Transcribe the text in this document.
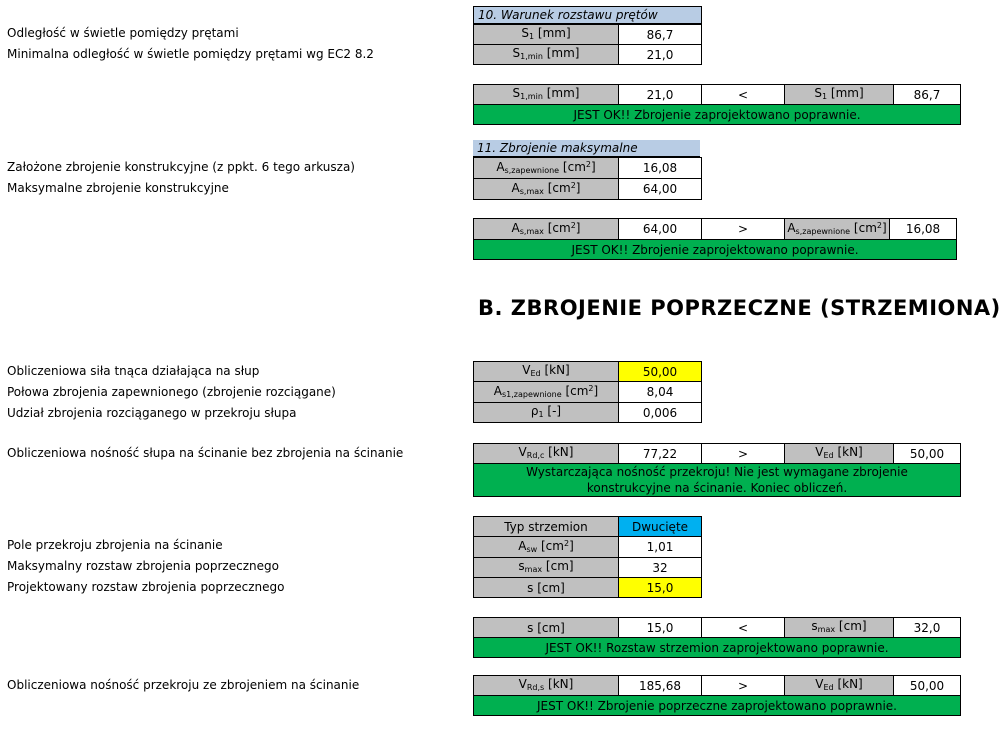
Odległość w świetle pomiędzy prętami
Minimalna odległość w świetle pomiędzy prętami wg EC2 8.2
10. Warunek rozstawu prętów
$S_1$ [mm]	86,7
$S_{1,min}$ [mm]	21,0
$S_{1,min}$ [mm]	21,0	<	$S_1$ [mm]	86,7
JEST OK!! Zbrojenie zaprojektowano poprawnie.
11. Zbrojenie maksymalne
Założone zbrojenie konstrukcyjne (z ppkt. 6 tego arkusza)
Maksymalne zbrojenie konstrukcyjne
$A_{s,zapewnione}$ $[cm^2]$	16,08
$A_{s,max}$ $[cm^2]$	64,00
$A_{s,max}$ $[cm^2]$	64,00	>	$A_{s,zapewnione}$ $[cm^2]$	16,08
JEST OK!! Zbrojenie zaprojektowano poprawnie.
B. ZBROJENIE POPRZECZNE (STRZEMIONA)
Obliczeniowa siła tnąca działająca na słup
Połowa zbrojenia zapewnionego (zbrojenie rozciągane)
Udział zbrojenia rozciąganego w przekroju słupa
$V_{Ed}$ [kN]	50,00
$A_{s1,zapewnione}$ $[cm^2]$	8,04
$\rho_1$ [-]	0,006
Obliczeniowa nośność słupa na ścinanie bez zbrojenia na ścinanie	$V_{Rd,c}$ [kN]	77,22	>	$V_{Ed}$ [kN]	50,00
Wystarczająca nośność przekroju! Nie jest wymagane zbrojenie
konstrukcyjne na ścinanie. Koniec obliczeń.
Typ strzemion	Dwucięte
$A_{sw}$ $[cm^2]$	1,01
$s_{max}$ [cm]	32
s [cm]	15,0
Pole przekroju zbrojenia na ścinanie
Maksymalny rozstaw zbrojenia poprzecznego
Projektowany rozstaw zbrojenia poprzecznego
s [cm]	15,0	<	$s_{max}$ [cm]	32,0
JEST OK!! Rozstaw strzemion zaprojektowano poprawnie.
Obliczeniowa nośność przekroju ze zbrojeniem na ścinanie	$V_{Rd,s}$ [kN]	185,68	>	$V_{Ed}$ [kN]	50,00
JEST OK!! Zbrojenie poprzeczne zaprojektowano poprawnie.
